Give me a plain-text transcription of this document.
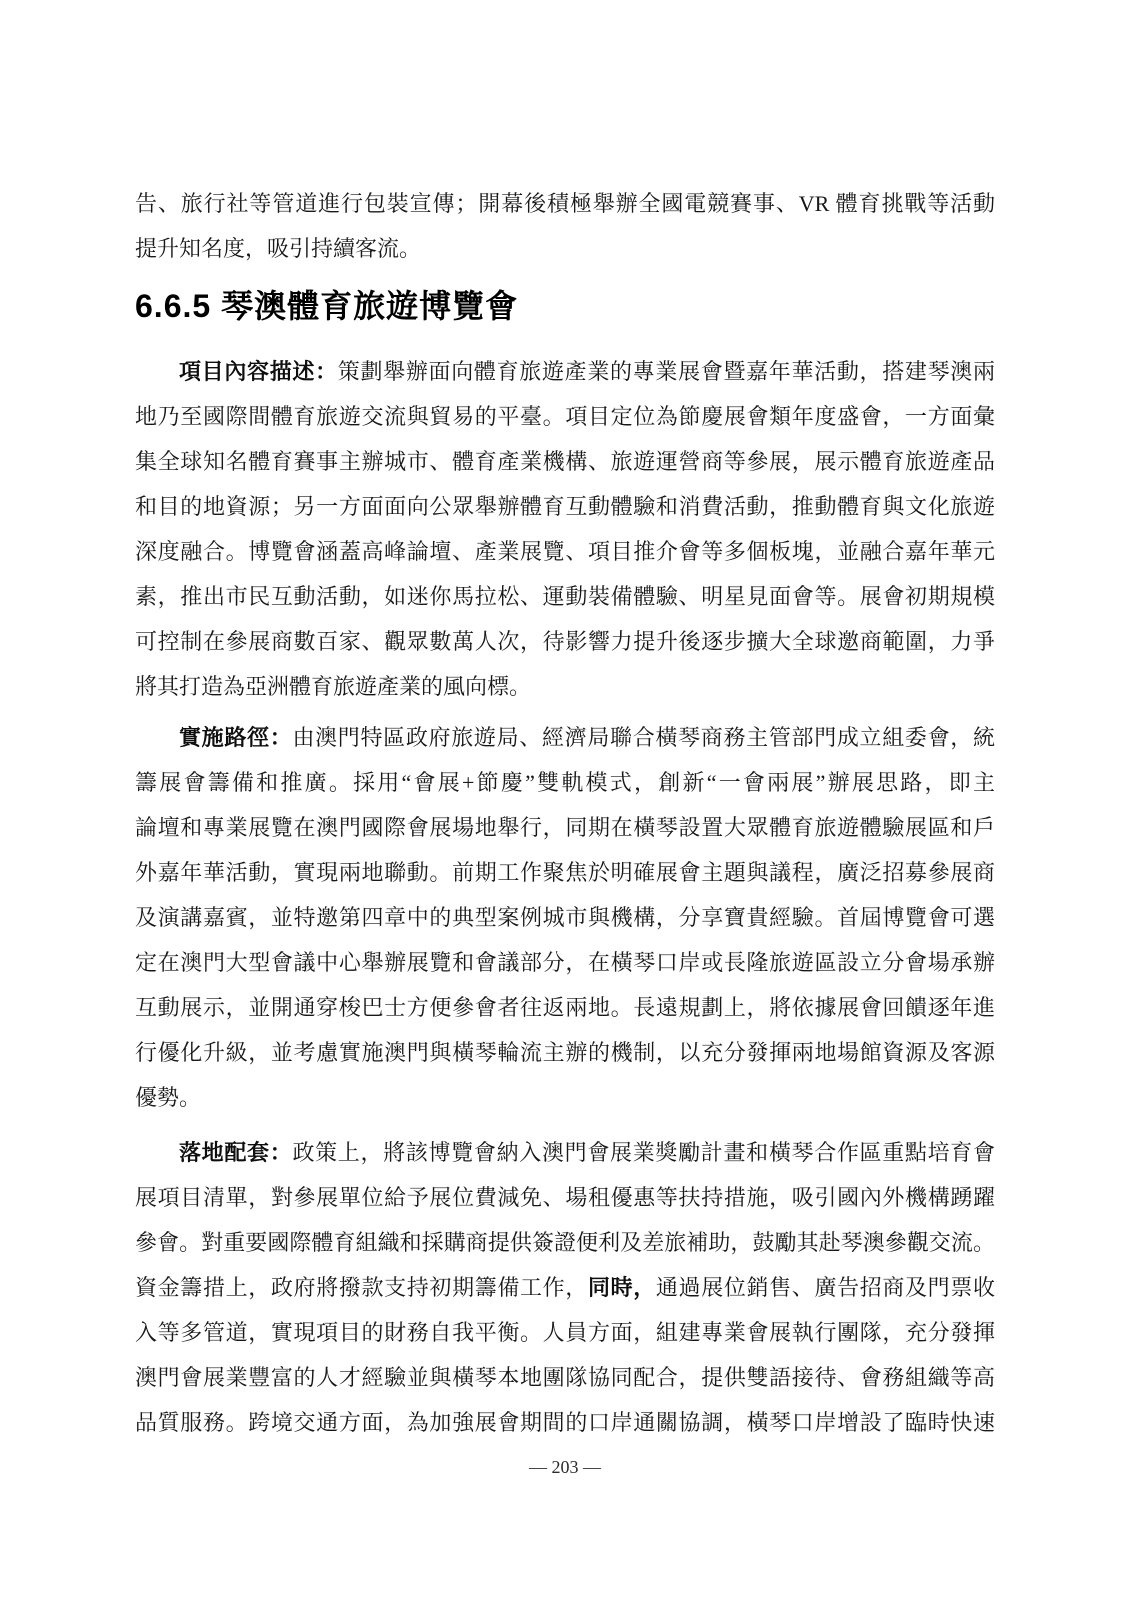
告、旅行社等管道進行包裝宣傳；開幕後積極舉辦全國電競賽事、VR 體育挑戰等活動

提升知名度，吸引持續客流。

6.6.5 琴澳體育旅遊博覽會

項目內容描述：策劃舉辦面向體育旅遊產業的專業展會暨嘉年華活動，搭建琴澳兩

地乃至國際間體育旅遊交流與貿易的平臺。項目定位為節慶展會類年度盛會，一方面彙

集全球知名體育賽事主辦城市、體育產業機構、旅遊運營商等參展，展示體育旅遊產品

和目的地資源；另一方面面向公眾舉辦體育互動體驗和消費活動，推動體育與文化旅遊

深度融合。博覽會涵蓋高峰論壇、產業展覽、項目推介會等多個板塊，並融合嘉年華元

素，推出市民互動活動，如迷你馬拉松、運動裝備體驗、明星見面會等。展會初期規模

可控制在參展商數百家、觀眾數萬人次，待影響力提升後逐步擴大全球邀商範圍，力爭

將其打造為亞洲體育旅遊產業的風向標。

實施路徑：由澳門特區政府旅遊局、經濟局聯合橫琴商務主管部門成立組委會，統

籌展會籌備和推廣。採用“會展+節慶”雙軌模式，創新“一會兩展”辦展思路，即主

論壇和專業展覽在澳門國際會展場地舉行，同期在橫琴設置大眾體育旅遊體驗展區和戶

外嘉年華活動，實現兩地聯動。前期工作聚焦於明確展會主題與議程，廣泛招募參展商

及演講嘉賓，並特邀第四章中的典型案例城市與機構，分享寶貴經驗。首屆博覽會可選

定在澳門大型會議中心舉辦展覽和會議部分，在橫琴口岸或長隆旅遊區設立分會場承辦

互動展示，並開通穿梭巴士方便參會者往返兩地。長遠規劃上，將依據展會回饋逐年進

行優化升級，並考慮實施澳門與橫琴輪流主辦的機制，以充分發揮兩地場館資源及客源

優勢。

落地配套：政策上，將該博覽會納入澳門會展業獎勵計畫和橫琴合作區重點培育會

展項目清單，對參展單位給予展位費減免、場租優惠等扶持措施，吸引國內外機構踴躍

參會。對重要國際體育組織和採購商提供簽證便利及差旅補助，鼓勵其赴琴澳參觀交流。

資金籌措上，政府將撥款支持初期籌備工作，同時，通過展位銷售、廣告招商及門票收

入等多管道，實現項目的財務自我平衡。人員方面，組建專業會展執行團隊，充分發揮

澳門會展業豐富的人才經驗並與橫琴本地團隊協同配合，提供雙語接待、會務組織等高

品質服務。跨境交通方面，為加強展會期間的口岸通關協調，橫琴口岸增設了臨時快速

— 203 —
